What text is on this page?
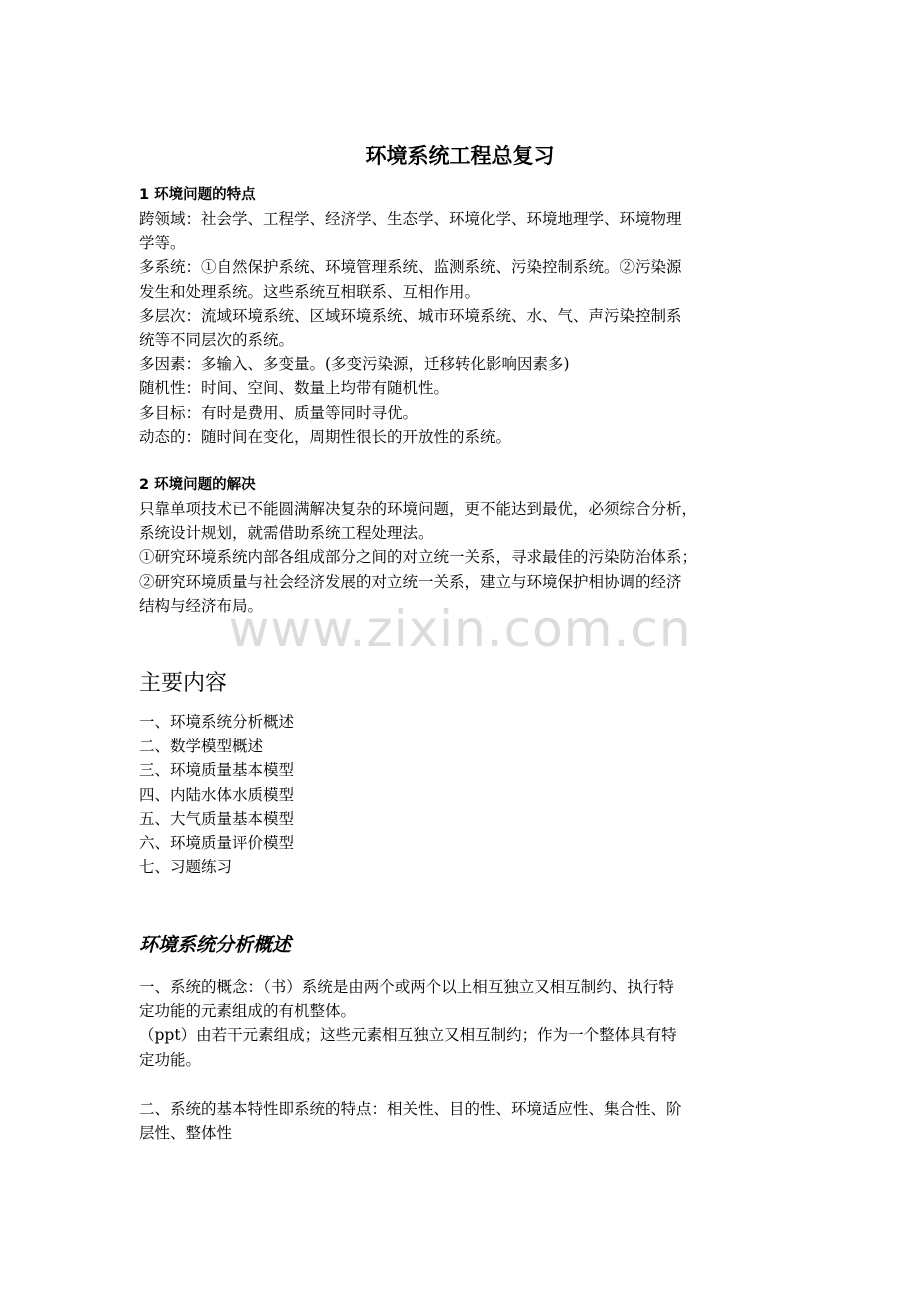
www.zixin.com.cn
环境系统工程总复习
1 环境问题的特点
跨领域：社会学、工程学、经济学、生态学、环境化学、环境地理学、环境物理
学等。
多系统：①自然保护系统、环境管理系统、监测系统、污染控制系统。②污染源
发生和处理系统。这些系统互相联系、互相作用。
多层次：流域环境系统、区域环境系统、城市环境系统、水、气、声污染控制系
统等不同层次的系统。
多因素：多输入、多变量。(多变污染源，迁移转化影响因素多)
随机性：时间、空间、数量上均带有随机性。
多目标：有时是费用、质量等同时寻优。
动态的：随时间在变化，周期性很长的开放性的系统。
2 环境问题的解决
只靠单项技术已不能圆满解决复杂的环境问题，更不能达到最优，必须综合分析，
系统设计规划，就需借助系统工程处理法。
①研究环境系统内部各组成部分之间的对立统一关系，寻求最佳的污染防治体系；
②研究环境质量与社会经济发展的对立统一关系，建立与环境保护相协调的经济
结构与经济布局。
主要内容
一、环境系统分析概述
二、数学模型概述
三、环境质量基本模型
四、内陆水体水质模型
五、大气质量基本模型
六、环境质量评价模型
七、习题练习
环境系统分析概述
一、系统的概念：（书）系统是由两个或两个以上相互独立又相互制约、执行特
定功能的元素组成的有机整体。
（ppt）由若干元素组成；这些元素相互独立又相互制约；作为一个整体具有特
定功能。
二、系统的基本特性即系统的特点：相关性、目的性、环境适应性、集合性、阶
层性、整体性
